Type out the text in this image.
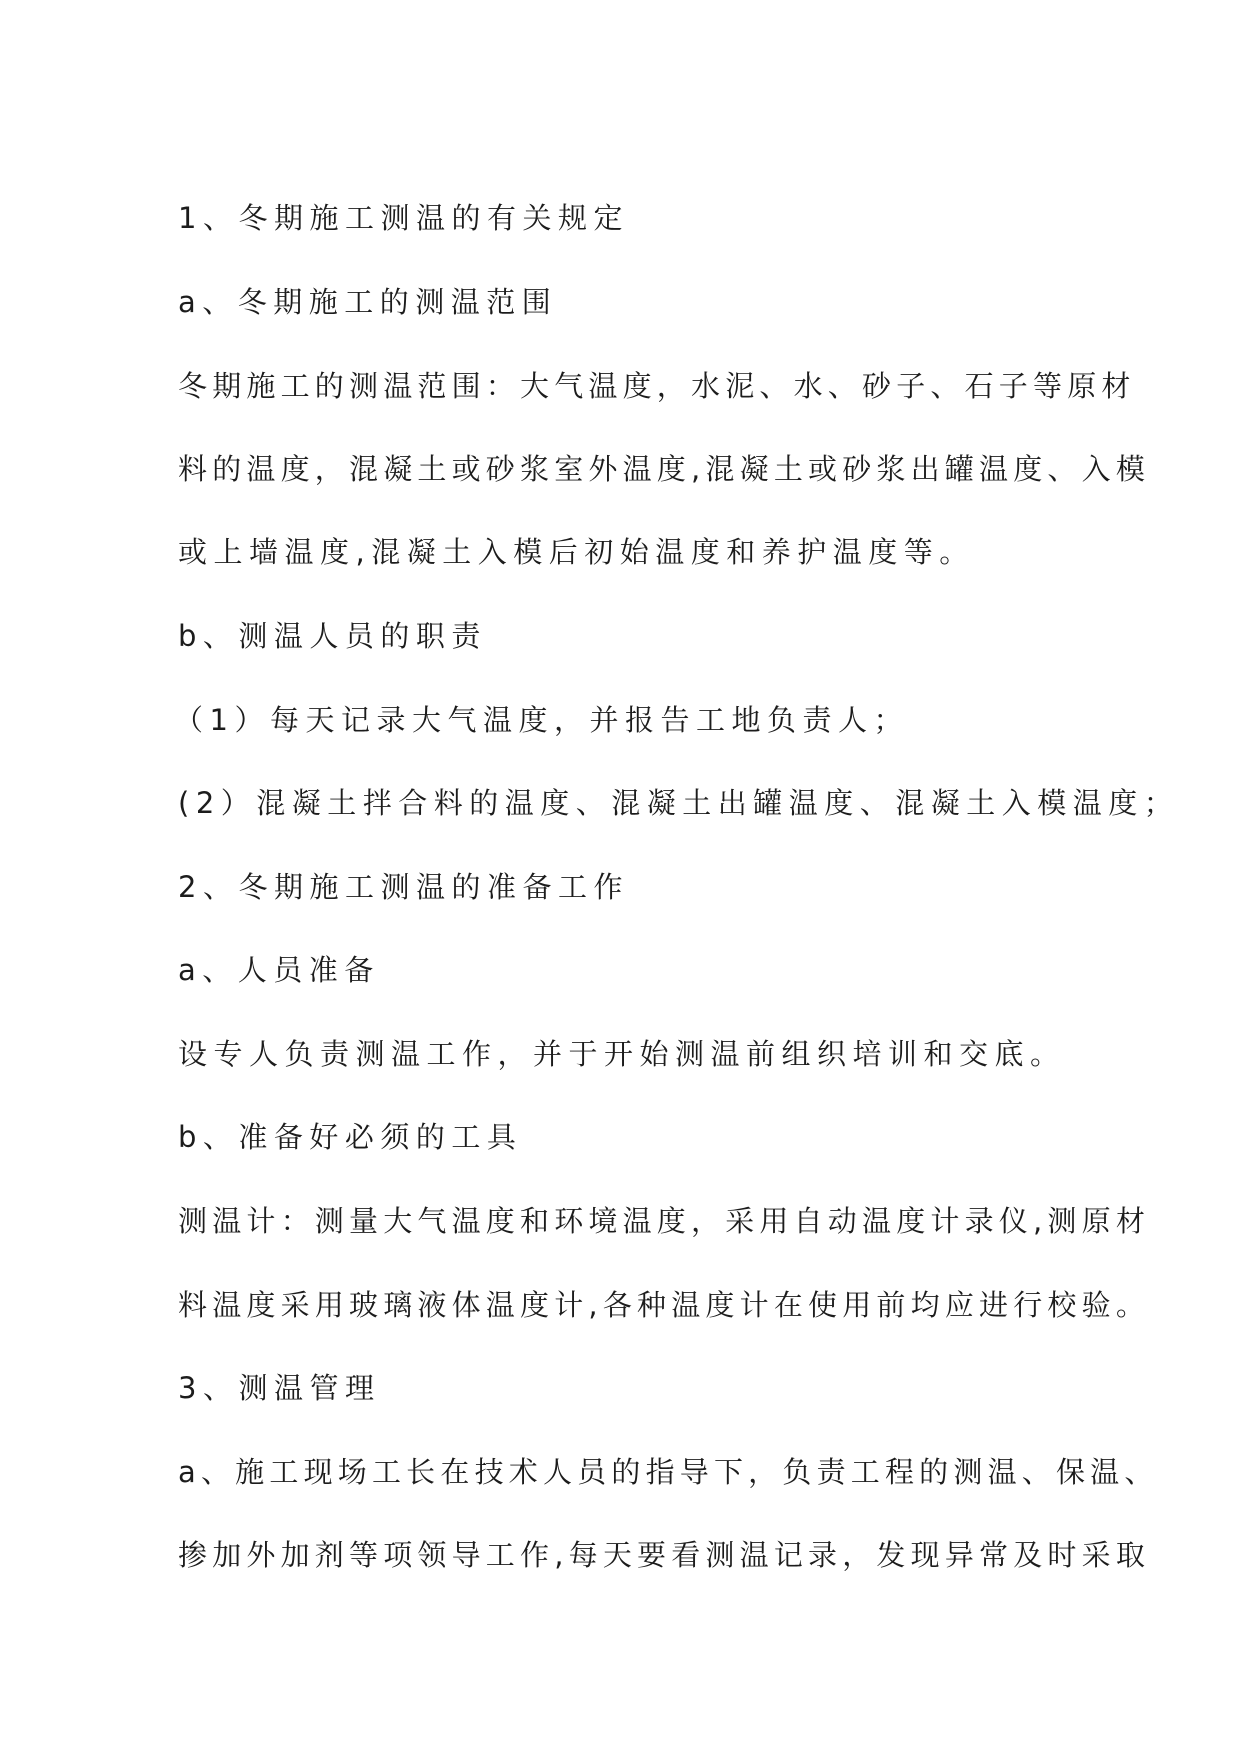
1、冬期施工测温的有关规定

a、冬期施工的测温范围

冬期施工的测温范围：大气温度，水泥、水、砂子、石子等原材

料的温度，混凝土或砂浆室外温度,混凝土或砂浆出罐温度、入模

或上墙温度,混凝土入模后初始温度和养护温度等。

b、测温人员的职责

（1）每天记录大气温度，并报告工地负责人；

(2）混凝土拌合料的温度、混凝土出罐温度、混凝土入模温度；

2、冬期施工测温的准备工作

a、人员准备

设专人负责测温工作，并于开始测温前组织培训和交底。

b、准备好必须的工具

测温计：测量大气温度和环境温度，采用自动温度计录仪,测原材

料温度采用玻璃液体温度计,各种温度计在使用前均应进行校验。

3、测温管理

a、施工现场工长在技术人员的指导下，负责工程的测温、保温、

掺加外加剂等项领导工作,每天要看测温记录，发现异常及时采取
